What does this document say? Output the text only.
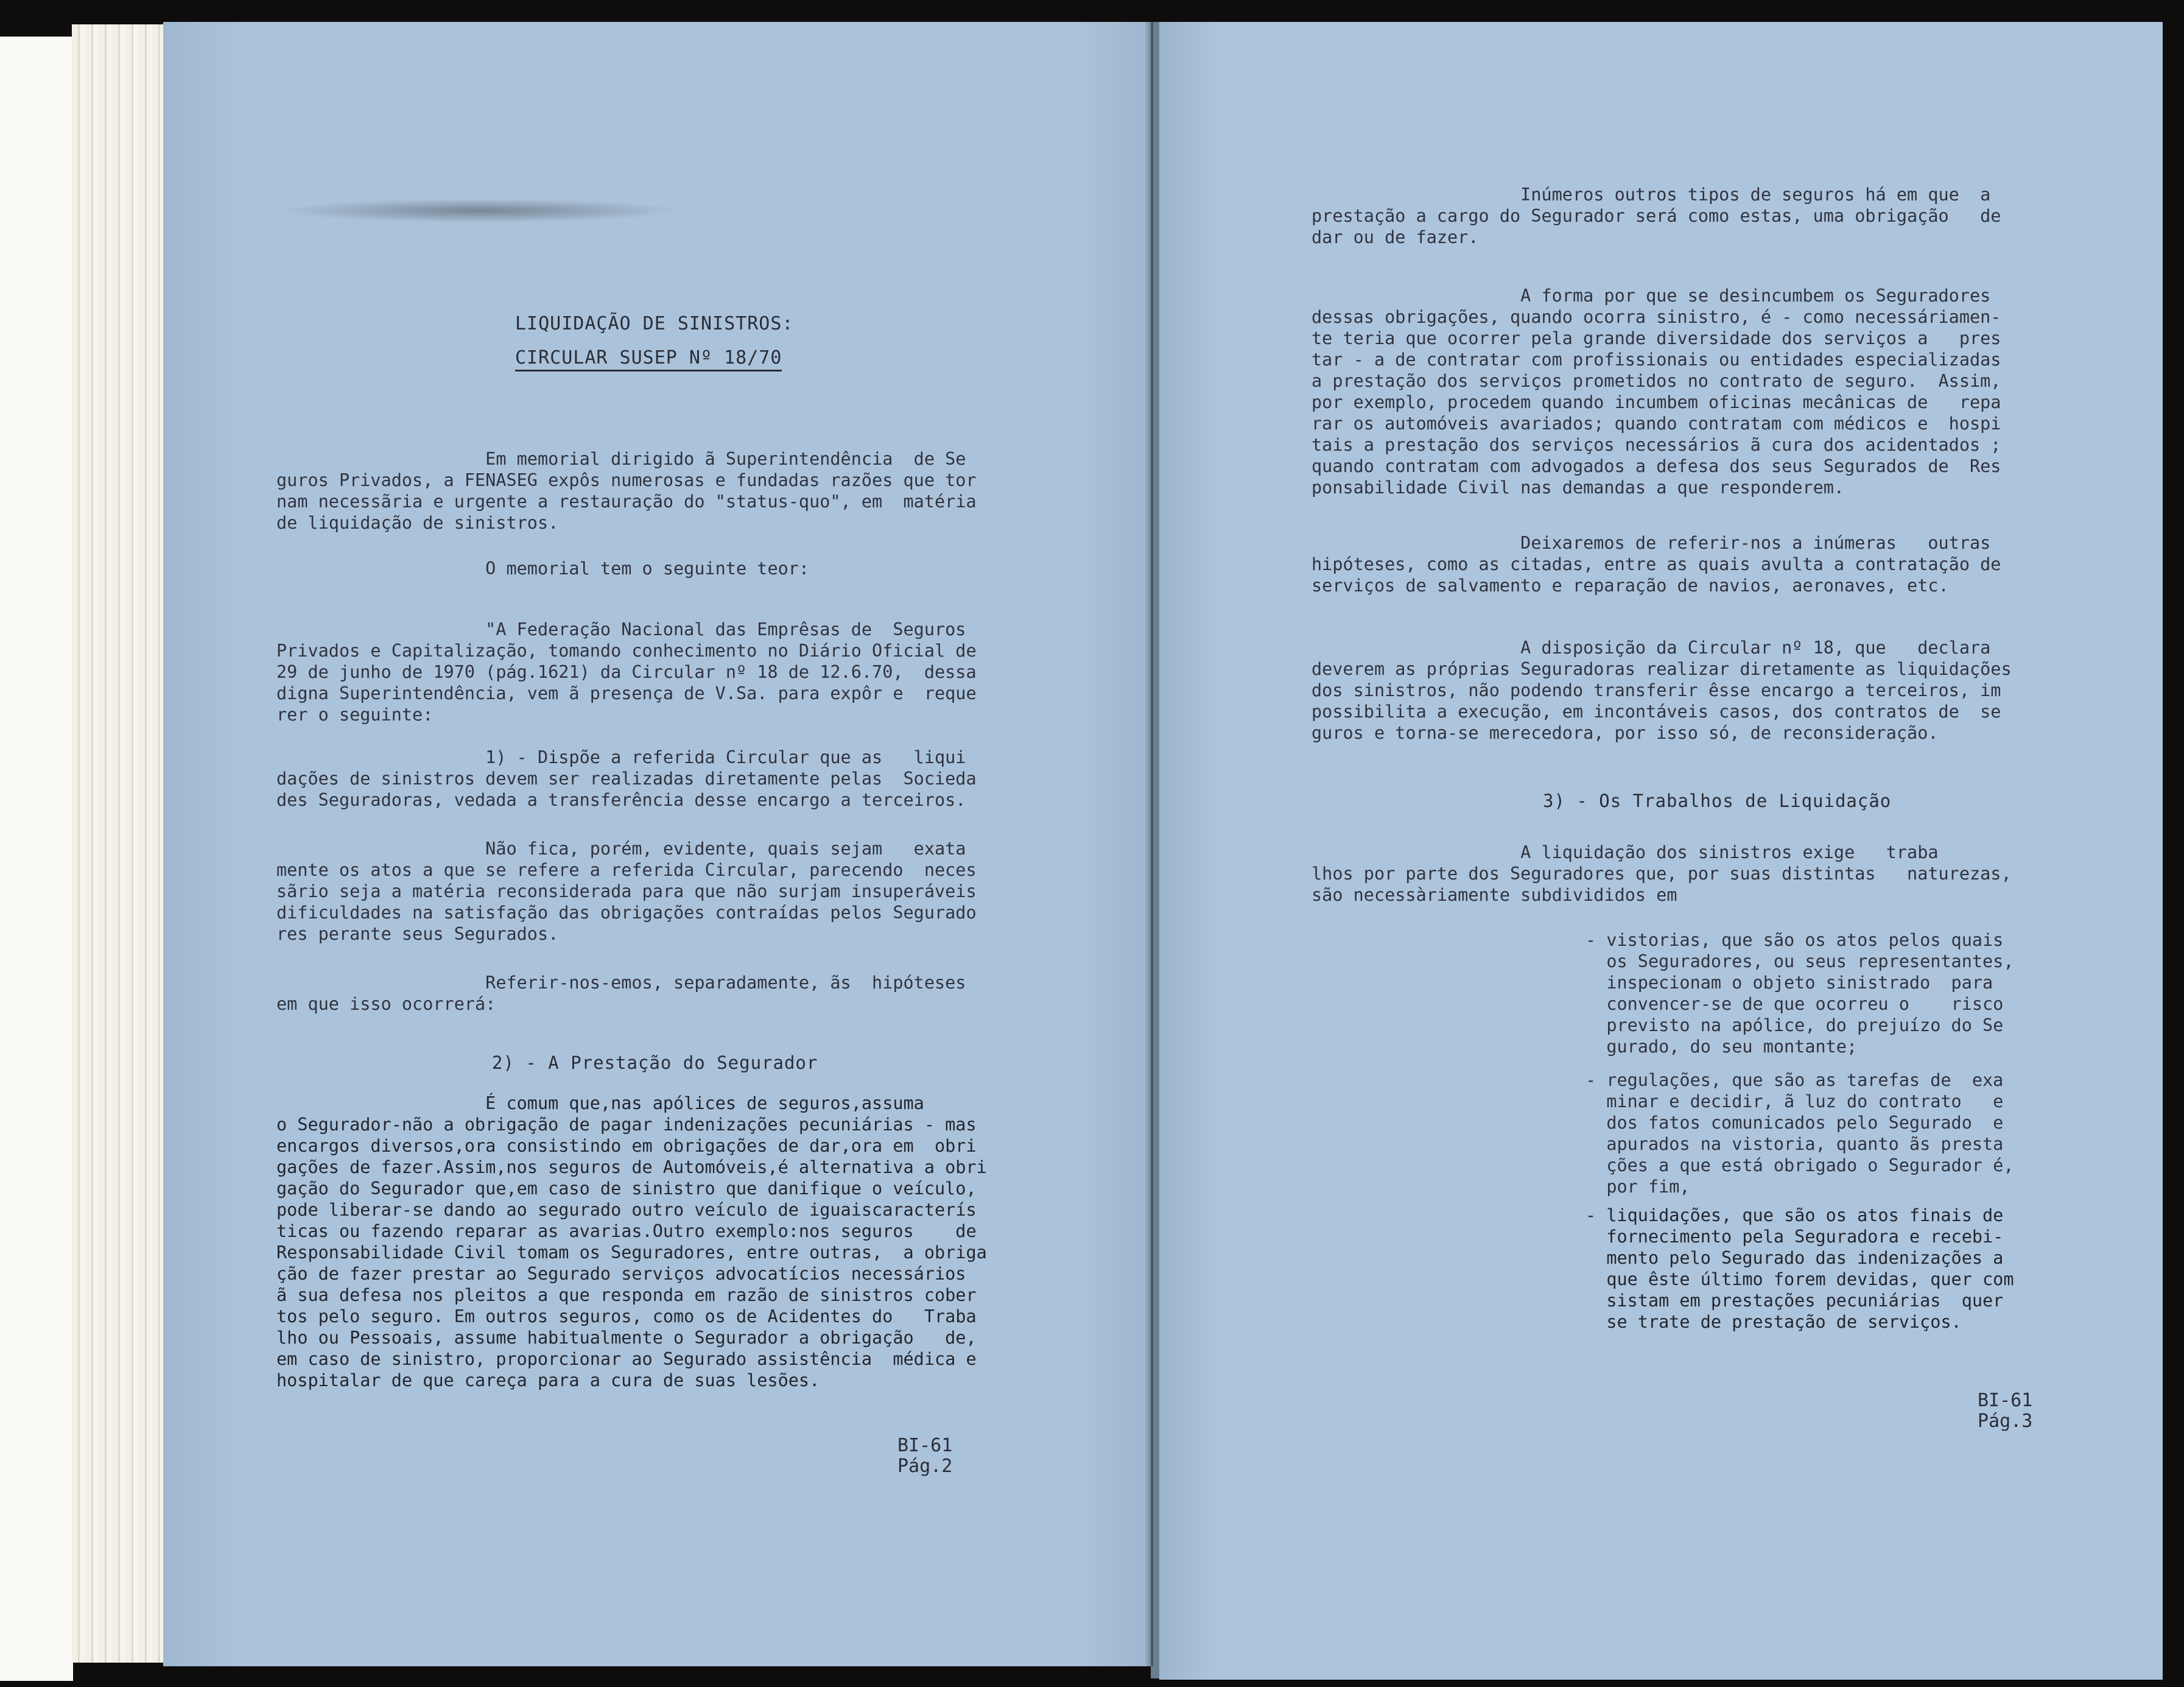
LIQUIDAÇÃO DE SINISTROS:
CIRCULAR SUSEP Nº 18/70
Em memorial dirigido ã Superintendência  de Se
guros Privados, a FENASEG expôs numerosas e fundadas razões que tor
nam necessãria e urgente a restauração do "status-quo", em  matéria
de liquidação de sinistros.
O memorial tem o seguinte teor:
"A Federação Nacional das Emprêsas de  Seguros
Privados e Capitalização, tomando conhecimento no Diário Oficial de
29 de junho de 1970 (pág.1621) da Circular nº 18 de 12.6.70,  dessa
digna Superintendência, vem ã presença de V.Sa. para expôr e  reque
rer o seguinte:
1) - Dispõe a referida Circular que as   liqui
dações de sinistros devem ser realizadas diretamente pelas  Socieda
des Seguradoras, vedada a transferência desse encargo a terceiros.
Não fica, porém, evidente, quais sejam   exata
mente os atos a que se refere a referida Circular, parecendo  neces
sãrio seja a matéria reconsiderada para que não surjam insuperáveis
dificuldades na satisfação das obrigações contraídas pelos Segurado
res perante seus Segurados.
Referir-nos-emos, separadamente, ãs  hipóteses
em que isso ocorrerá:
2) - A Prestação do Segurador
É comum que,nas apólices de seguros,assuma
o Segurador-não a obrigação de pagar indenizações pecuniárias - mas
encargos diversos,ora consistindo em obrigações de dar,ora em  obri
gações de fazer.Assim,nos seguros de Automóveis,é alternativa a obri
gação do Segurador que,em caso de sinistro que danifique o veículo,
pode liberar-se dando ao segurado outro veículo de iguaiscaracterís
ticas ou fazendo reparar as avarias.Outro exemplo:nos seguros    de
Responsabilidade Civil tomam os Seguradores, entre outras,  a obriga
ção de fazer prestar ao Segurado serviços advocatícios necessários
ã sua defesa nos pleitos a que responda em razão de sinistros cober
tos pelo seguro. Em outros seguros, como os de Acidentes do   Traba
lho ou Pessoais, assume habitualmente o Segurador a obrigação   de,
em caso de sinistro, proporcionar ao Segurado assistência  médica e
hospitalar de que careça para a cura de suas lesões.
BI-61
Pág.2
Inúmeros outros tipos de seguros há em que  a
prestação a cargo do Segurador será como estas, uma obrigação   de
dar ou de fazer.
A forma por que se desincumbem os Seguradores
dessas obrigações, quando ocorra sinistro, é - como necessáriamen-
te teria que ocorrer pela grande diversidade dos serviços a   pres
tar - a de contratar com profissionais ou entidades especializadas
a prestação dos serviços prometidos no contrato de seguro.  Assim,
por exemplo, procedem quando incumbem oficinas mecânicas de   repa
rar os automóveis avariados; quando contratam com médicos e  hospi
tais a prestação dos serviços necessários ã cura dos acidentados ;
quando contratam com advogados a defesa dos seus Segurados de  Res
ponsabilidade Civil nas demandas a que responderem.
Deixaremos de referir-nos a inúmeras   outras
hipóteses, como as citadas, entre as quais avulta a contratação de
serviços de salvamento e reparação de navios, aeronaves, etc.
A disposição da Circular nº 18, que   declara
deverem as próprias Seguradoras realizar diretamente as liquidações
dos sinistros, não podendo transferir êsse encargo a terceiros, im
possibilita a execução, em incontáveis casos, dos contratos de  se
guros e torna-se merecedora, por isso só, de reconsideração.
3) - Os Trabalhos de Liquidação
A liquidação dos sinistros exige   traba
lhos por parte dos Seguradores que, por suas distintas   naturezas,
são necessàriamente subdivididos em
- vistorias, que são os atos pelos quais
os Seguradores, ou seus representantes,
inspecionam o objeto sinistrado  para
convencer-se de que ocorreu o    risco
previsto na apólice, do prejuízo do Se
gurado, do seu montante;
- regulações, que são as tarefas de  exa
minar e decidir, ã luz do contrato   e
dos fatos comunicados pelo Segurado  e
apurados na vistoria, quanto ãs presta
ções a que está obrigado o Segurador é,
por fim,
- liquidações, que são os atos finais de
fornecimento pela Seguradora e recebi-
mento pelo Segurado das indenizações a
que êste último forem devidas, quer com
sistam em prestações pecuniárias  quer
se trate de prestação de serviços.
BI-61
Pág.3
